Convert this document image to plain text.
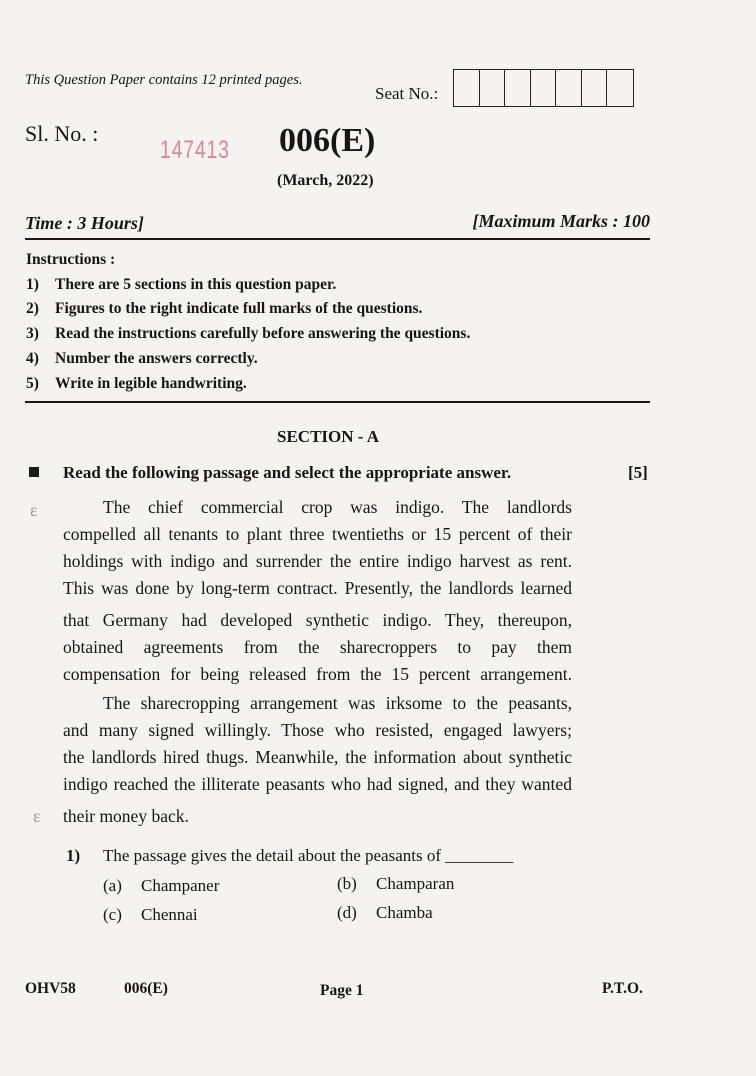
This Question Paper contains 12 printed pages.
Seat No.:
Sl. No. :
147413 006(E)
(March, 2022)
Time : 3 Hours]	[Maximum Marks : 100
Instructions :
1) There are 5 sections in this question paper.
2) Figures to the right indicate full marks of the questions.
3) Read the instructions carefully before answering the questions.
4) Number the answers correctly.
5) Write in legible handwriting.
SECTION - A
Read the following passage and select the appropriate answer.	[5]
ɛ
ɛ
The chief commercial crop was indigo. The landlords
compelled all tenants to plant three twentieths or 15 percent of their
holdings with indigo and surrender the entire indigo harvest as rent.
This was done by long-term contract. Presently, the landlords learned
that Germany had developed synthetic indigo. They, thereupon,
obtained agreements from the sharecroppers to pay them
compensation for being released from the 15 percent arrangement.
The sharecropping arrangement was irksome to the peasants,
and many signed willingly. Those who resisted, engaged lawyers;
the landlords hired thugs. Meanwhile, the information about synthetic
indigo reached the illiterate peasants who had signed, and they wanted
their money back.
1) The passage gives the detail about the peasants of ________
(a) Champaner	(b) Champaran
(c) Chennai	(d) Chamba
OHV58	006(E)	Page 1	P.T.O.
